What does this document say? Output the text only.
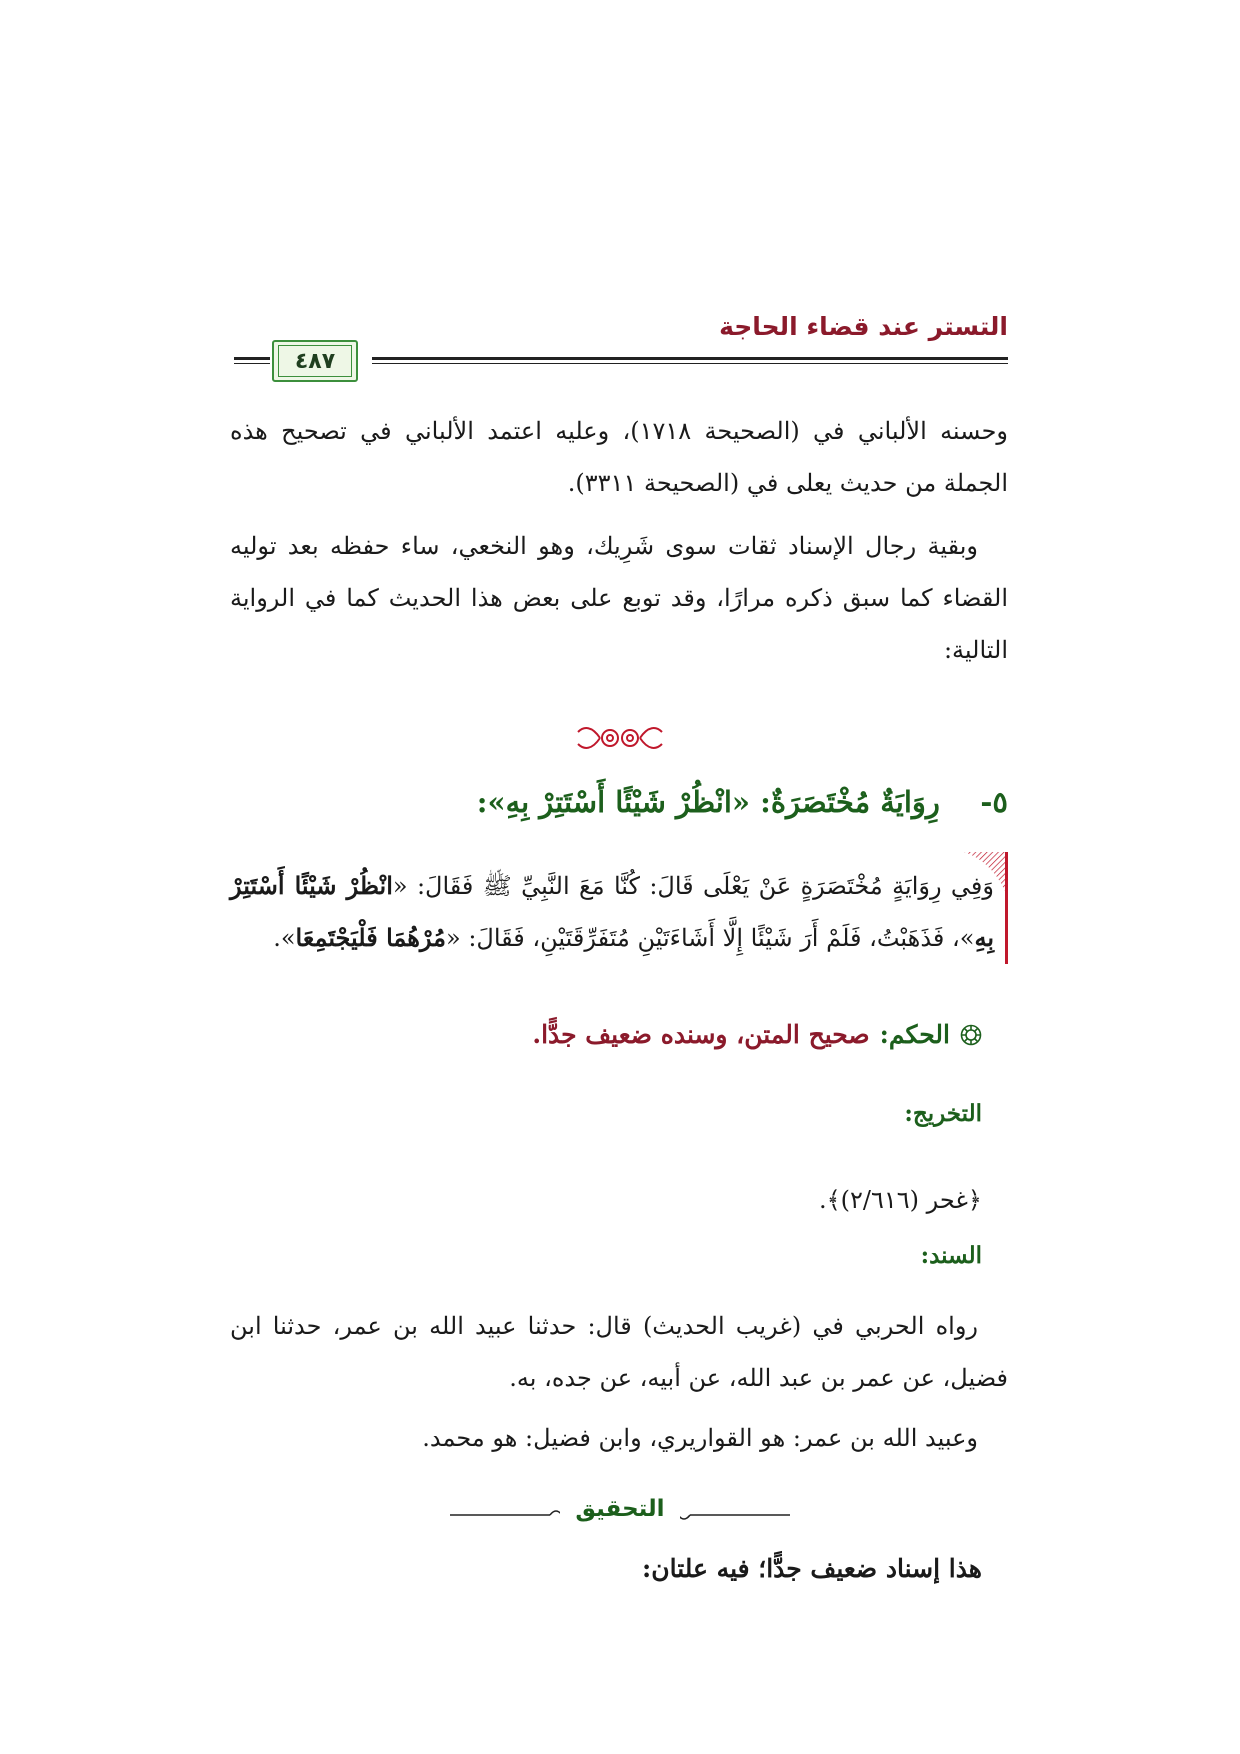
التستر عند قضاء الحاجة
٤٨٧
وحسنه الألباني في (الصحيحة ١٧١٨)، وعليه اعتمد الألباني في تصحيح هذه الجملة من حديث يعلى في (الصحيحة ٣٣١١).
وبقية رجال الإسناد ثقات سوى شَرِيك، وهو النخعي، ساء حفظه بعد توليه القضاء كما سبق ذكره مرارًا، وقد توبع على بعض هذا الحديث كما في الرواية التالية:
٥-    رِوَايَةٌ مُخْتَصَرَةٌ: «انْظُرْ شَيْئًا أَسْتَتِرْ بِهِ»:
وَفِي رِوَايَةٍ مُخْتَصَرَةٍ عَنْ يَعْلَى قَالَ: كُنَّا مَعَ النَّبِيِّ ﷺ فَقَالَ: «انْظُرْ شَيْئًا أَسْتَتِرْ بِهِ»، فَذَهَبْتُ، فَلَمْ أَرَ شَيْئًا إِلَّا أَشَاءَتَيْنِ مُتَفَرِّقَتَيْنِ، فَقَالَ: «مُرْهُمَا فَلْيَجْتَمِعَا».
الحكم:
صحيح المتن، وسنده ضعيف جدًّا.
التخريج:
﴿غحر (٢/٦١٦)﴾.
السند:
رواه الحربي في (غريب الحديث) قال: حدثنا عبيد الله بن عمر، حدثنا ابن فضيل، عن عمر بن عبد الله، عن أبيه، عن جده، به.
وعبيد الله بن عمر: هو القواريري، وابن فضيل: هو محمد.
التحقيق
هذا إسناد ضعيف جدًّا؛ فيه علتان:
